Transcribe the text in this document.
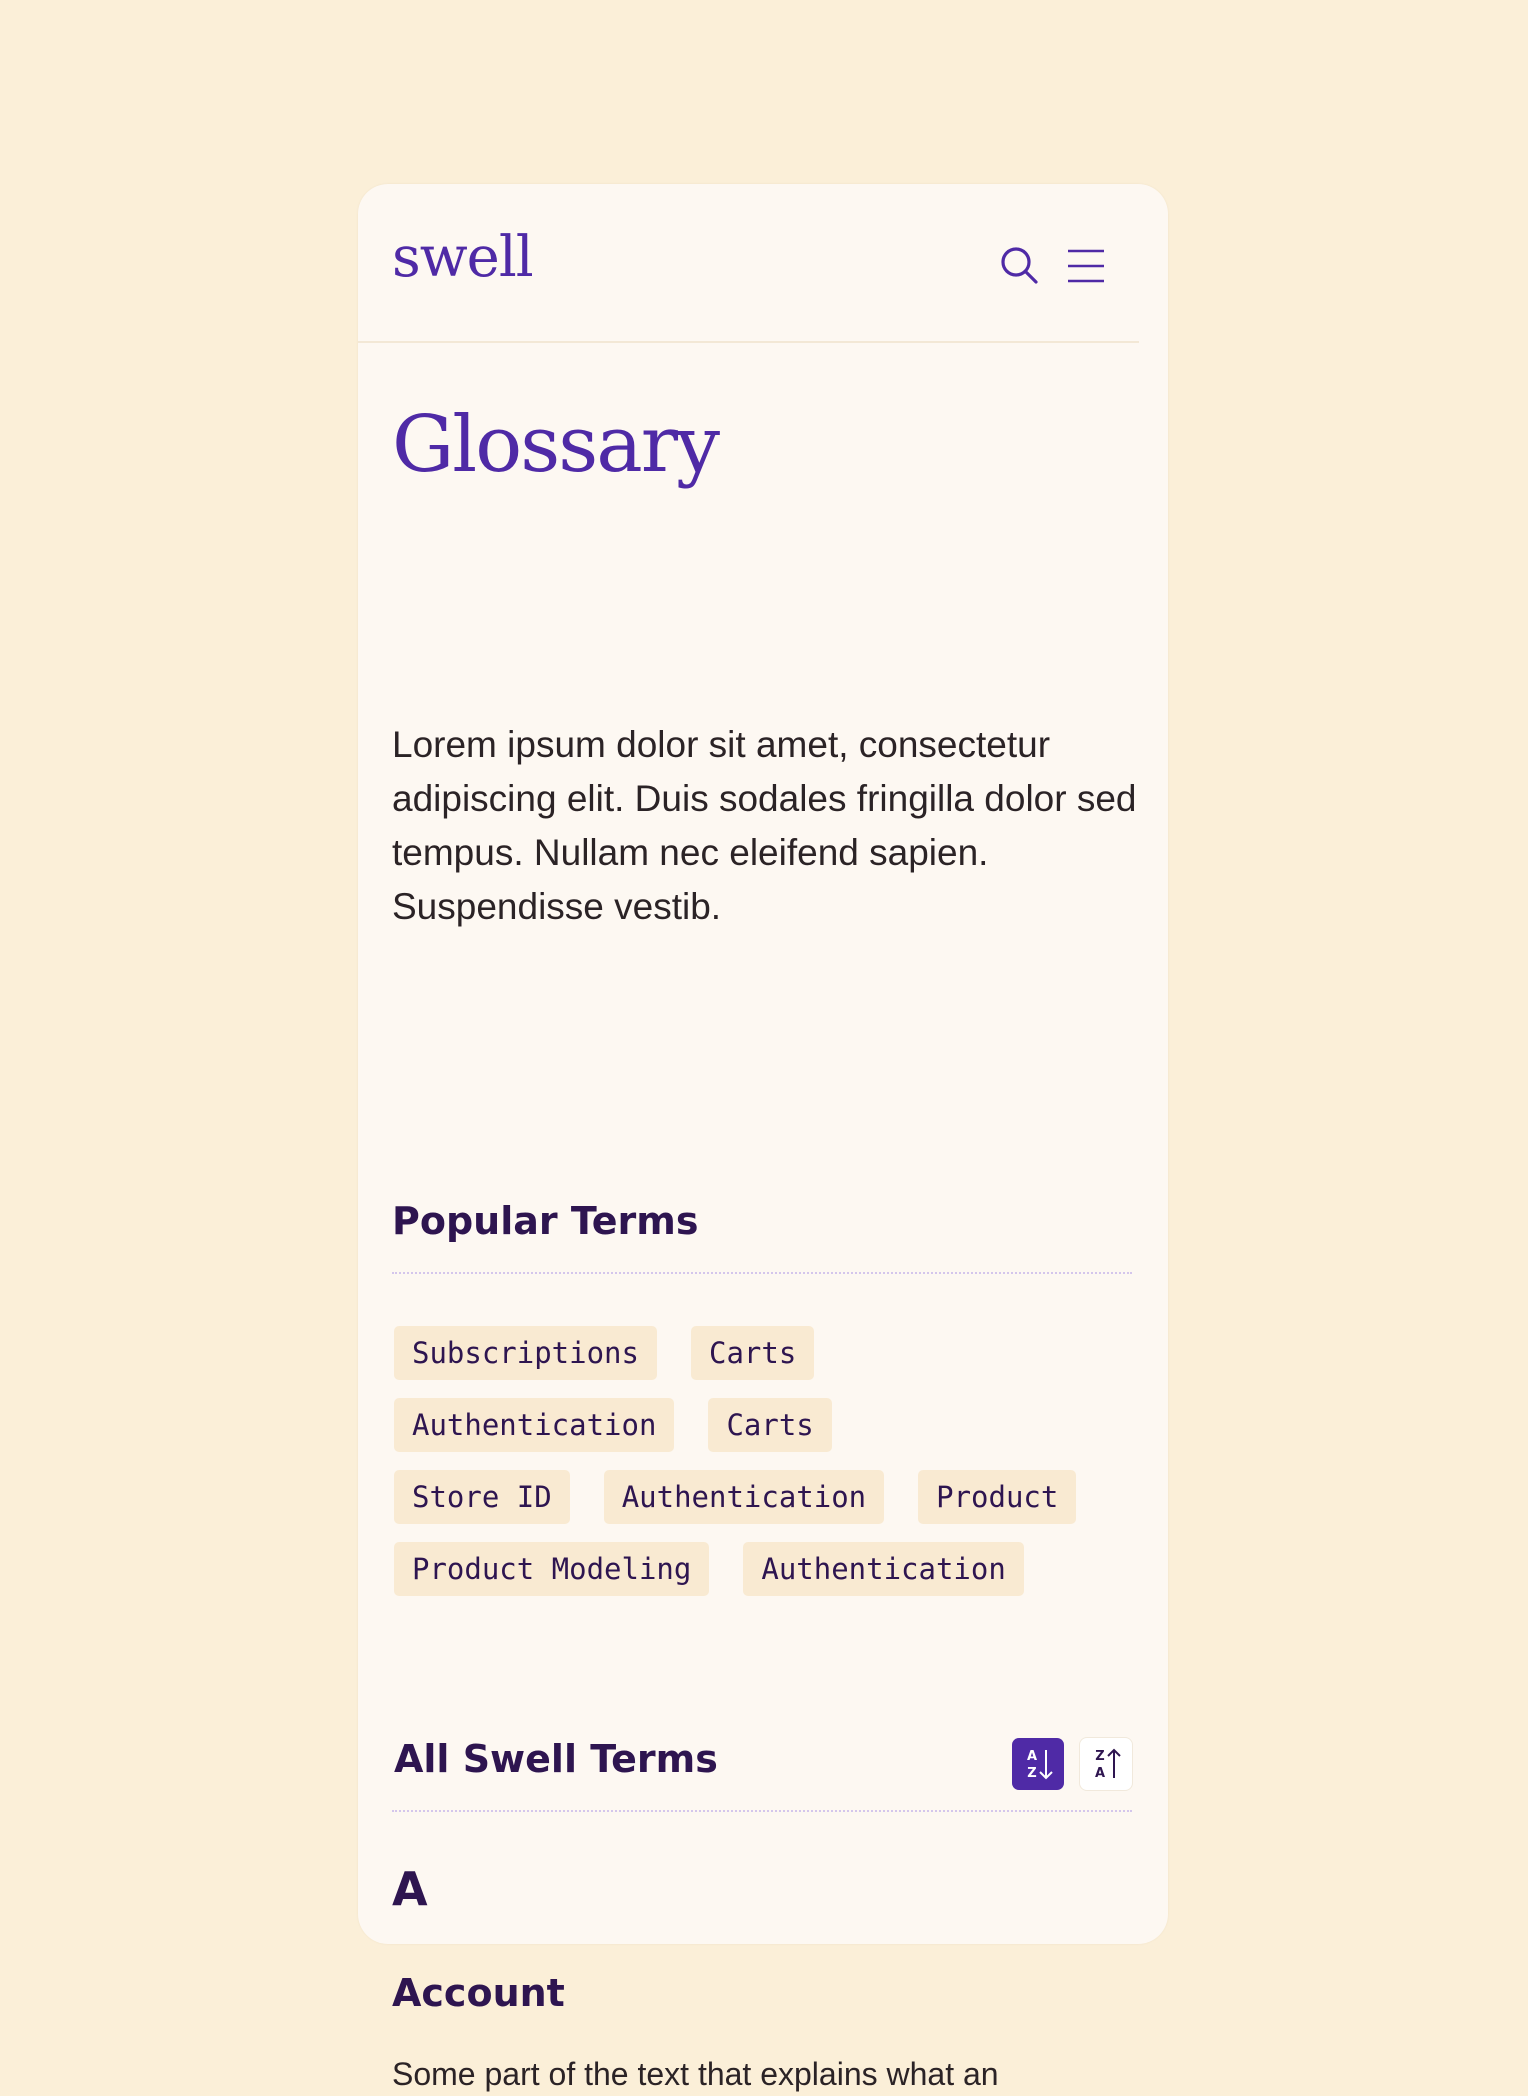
swell
Glossary

Lorem ipsum dolor sit amet, consectetur adipiscing elit. Duis sodales fringilla dolor sed tempus. Nullam nec eleifend sapien. Suspendisse vestib.

Popular Terms
Subscriptions	Carts
Authentication	Carts
Store ID	Authentication	Product
Product Modeling	Authentication
All Swell Terms	A
Z
Z
A
A
Account

Some part of the text that explains what an
